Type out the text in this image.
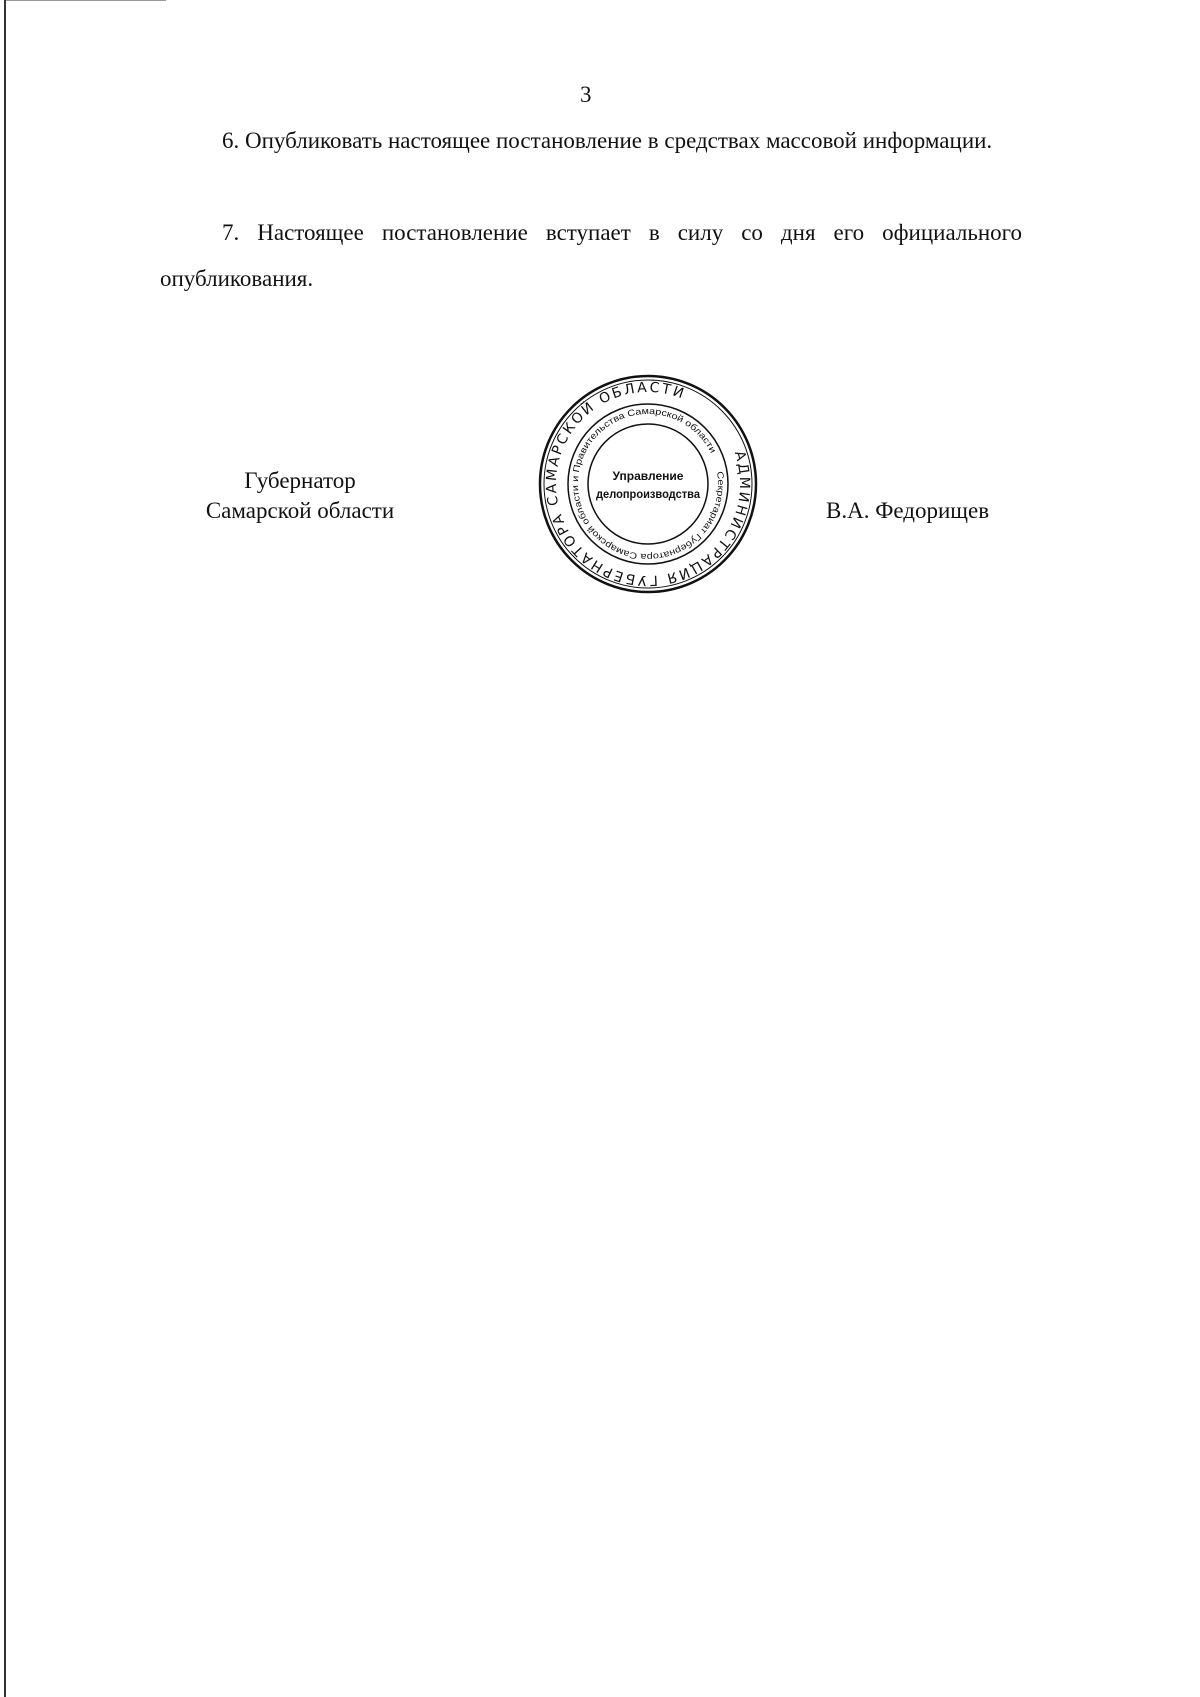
3
6. Опубликовать настоящее постановление в средствах массовой информации.
7. Настоящее постановление вступает в силу со дня его официального опубликования.
Губернатор
Самарской области	В.А. Федорищев
АДМИНИСТРАЦИЯ ГУБЕРНАТОРА САМАРСКОЙ ОБЛАСТИ
Секретариат Губернатора Самарской области и Правительства Самарской области
Управление
делопроизводства
